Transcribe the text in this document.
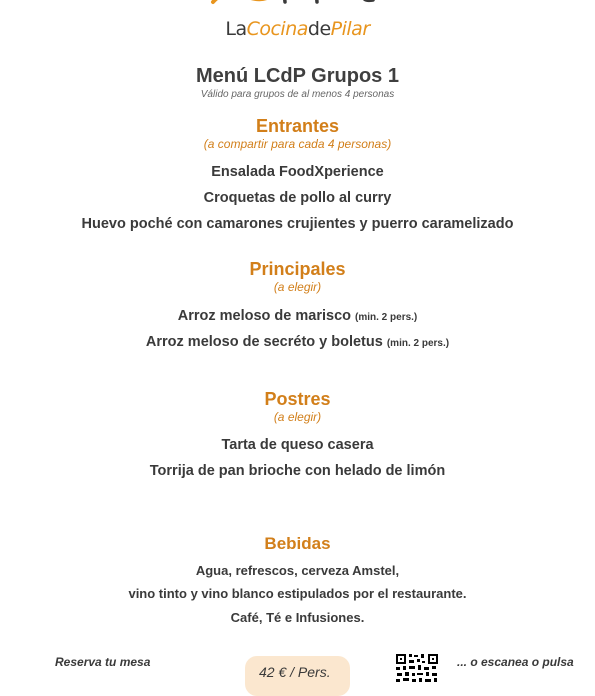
LaCocinadePilar
Menú LCdP Grupos 1
Válido para grupos de al menos 4 personas
Entrantes
(a compartir para cada 4 personas)
Ensalada FoodXperience
Croquetas de pollo al curry
Huevo poché con camarones crujientes y puerro caramelizado
Principales
(a elegir)
Arroz meloso de marisco (min. 2 pers.)
Arroz meloso de secréto y boletus (min. 2 pers.)
Postres
(a elegir)
Tarta de queso casera
Torrija de pan brioche con helado de limón
Bebidas
Agua, refrescos, cerveza Amstel,
vino tinto y vino blanco estipulados por el restaurante.
Café, Té e Infusiones.
Reserva tu mesa
42 € / Pers.
... o escanea o pulsa
